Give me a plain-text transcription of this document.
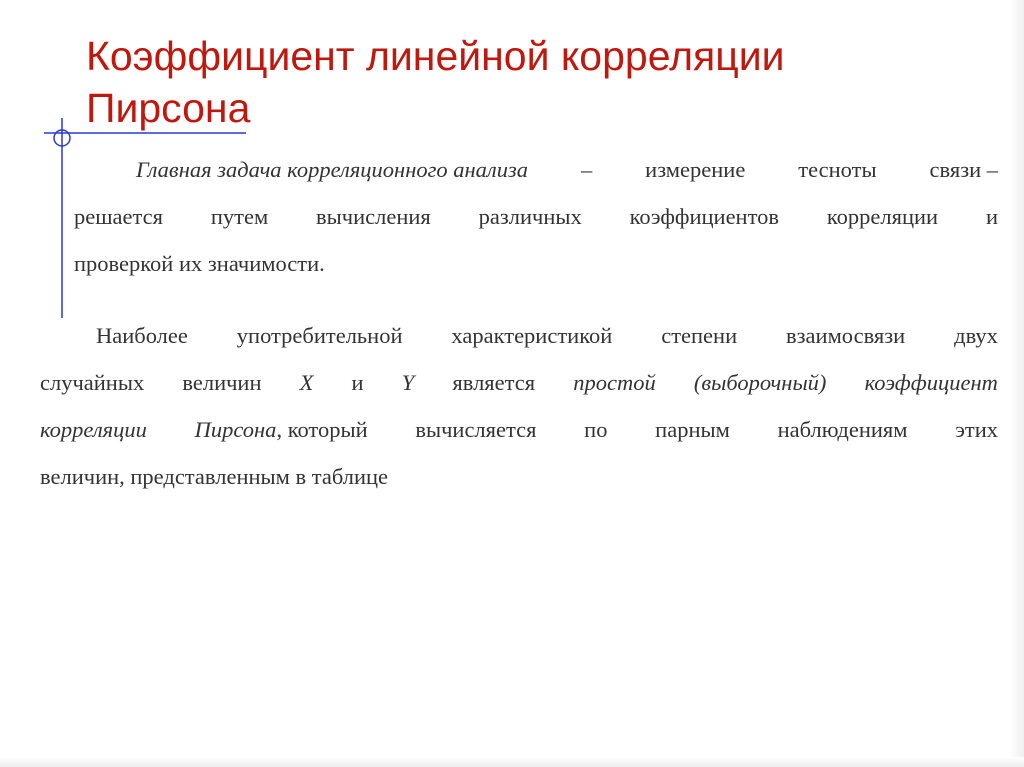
Коэффициент линейной корреляции
Пирсона
Главная задача корреляционного анализа – измерение тесноты связи –
решается путем вычисления различных коэффициентов корреляции и
проверкой их значимости.
Наиболее употребительной характеристикой степени взаимосвязи двух
случайных величин X и Y является простой (выборочный) коэффициент
корреляции Пирсона, который вычисляется по парным наблюдениям этих
величин, представленным в таблице
